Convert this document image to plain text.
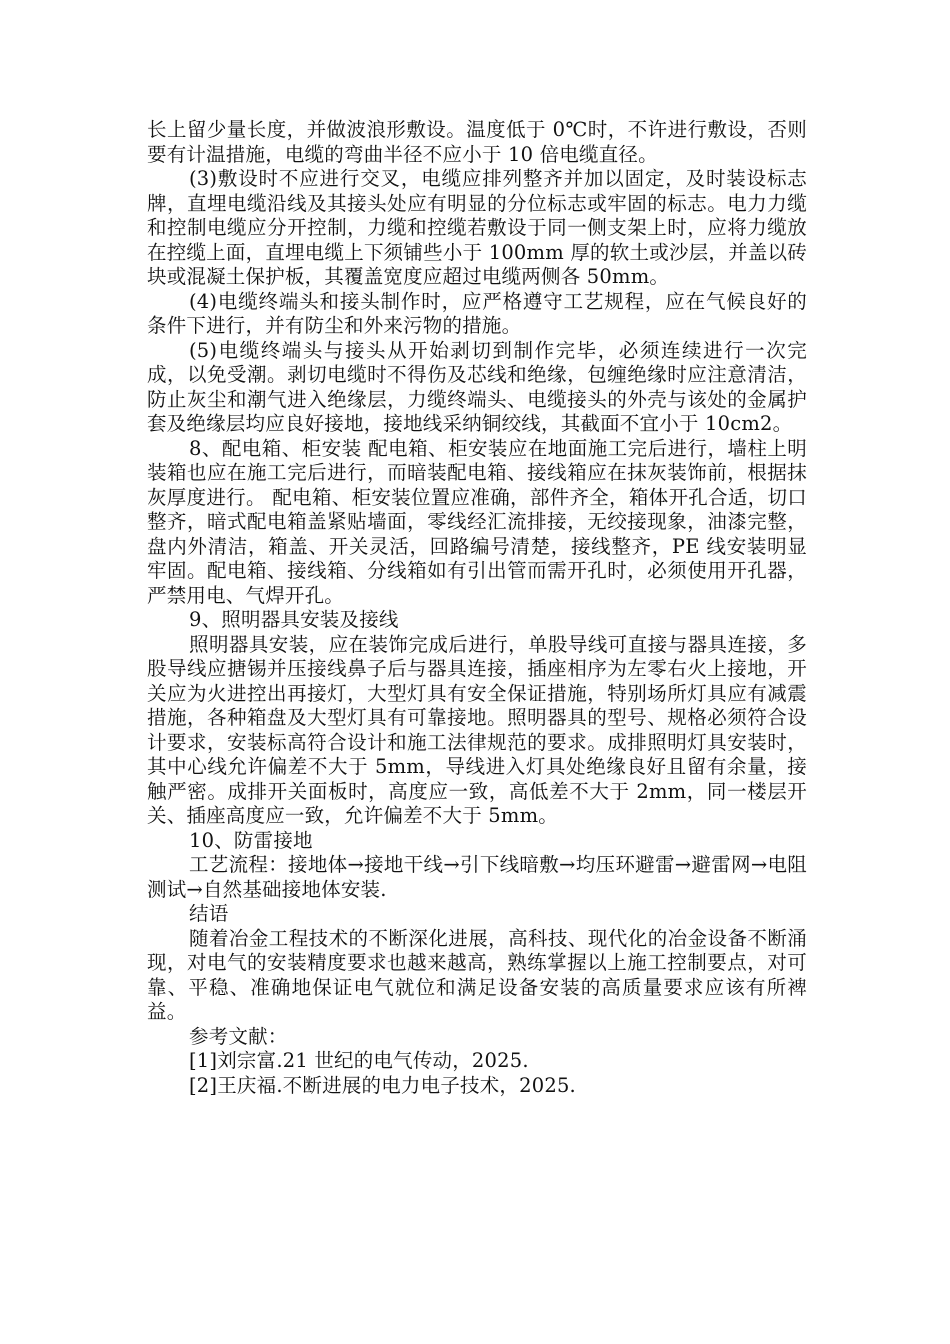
长上留少量长度，并做波浪形敷设。温度低于 0℃时，不许进行敷设，否则要有计温措施，电缆的弯曲半径不应小于 10 倍电缆直径。

(3)敷设时不应进行交叉，电缆应排列整齐并加以固定，及时装设标志牌，直埋电缆沿线及其接头处应有明显的分位标志或牢固的标志。电力力缆和控制电缆应分开控制，力缆和控缆若敷设于同一侧支架上时，应将力缆放在控缆上面，直埋电缆上下须铺些小于 100mm 厚的软土或沙层，并盖以砖块或混凝土保护板，其覆盖宽度应超过电缆两侧各 50mm。

(4)电缆终端头和接头制作时，应严格遵守工艺规程，应在气候良好的条件下进行，并有防尘和外来污物的措施。

(5)电缆终端头与接头从开始剥切到制作完毕，必须连续进行一次完成，以免受潮。剥切电缆时不得伤及芯线和绝缘，包缠绝缘时应注意清洁，防止灰尘和潮气进入绝缘层，力缆终端头、电缆接头的外壳与该处的金属护套及绝缘层均应良好接地，接地线采纳铜绞线，其截面不宜小于 10cm2。

8、配电箱、柜安装 配电箱、柜安装应在地面施工完后进行，墙柱上明装箱也应在施工完后进行，而暗装配电箱、接线箱应在抹灰装饰前，根据抹灰厚度进行。 配电箱、柜安装位置应准确，部件齐全，箱体开孔合适，切口整齐，暗式配电箱盖紧贴墙面，零线经汇流排接，无绞接现象，油漆完整，盘内外清洁，箱盖、开关灵活，回路编号清楚，接线整齐，PE 线安装明显牢固。配电箱、接线箱、分线箱如有引出管而需开孔时，必须使用开孔器，严禁用电、气焊开孔。

9、照明器具安装及接线

照明器具安装，应在装饰完成后进行，单股导线可直接与器具连接，多股导线应搪锡并压接线鼻子后与器具连接，插座相序为左零右火上接地，开关应为火进控出再接灯，大型灯具有安全保证措施，特别场所灯具应有减震措施，各种箱盘及大型灯具有可靠接地。照明器具的型号、规格必须符合设计要求，安装标高符合设计和施工法律规范的要求。成排照明灯具安装时，其中心线允许偏差不大于 5mm，导线进入灯具处绝缘良好且留有余量，接触严密。成排开关面板时，高度应一致，高低差不大于 2mm，同一楼层开关、插座高度应一致，允许偏差不大于 5mm。

10、防雷接地

工艺流程：接地体→接地干线→引下线暗敷→均压环避雷→避雷网→电阻测试→自然基础接地体安装.

结语

随着冶金工程技术的不断深化进展，高科技、现代化的冶金设备不断涌现，对电气的安装精度要求也越来越高，熟练掌握以上施工控制要点，对可靠、平稳、准确地保证电气就位和满足设备安装的高质量要求应该有所裨益。

参考文献：

[1]刘宗富.21 世纪的电气传动，2025.

[2]王庆福.不断进展的电力电子技术，2025.
